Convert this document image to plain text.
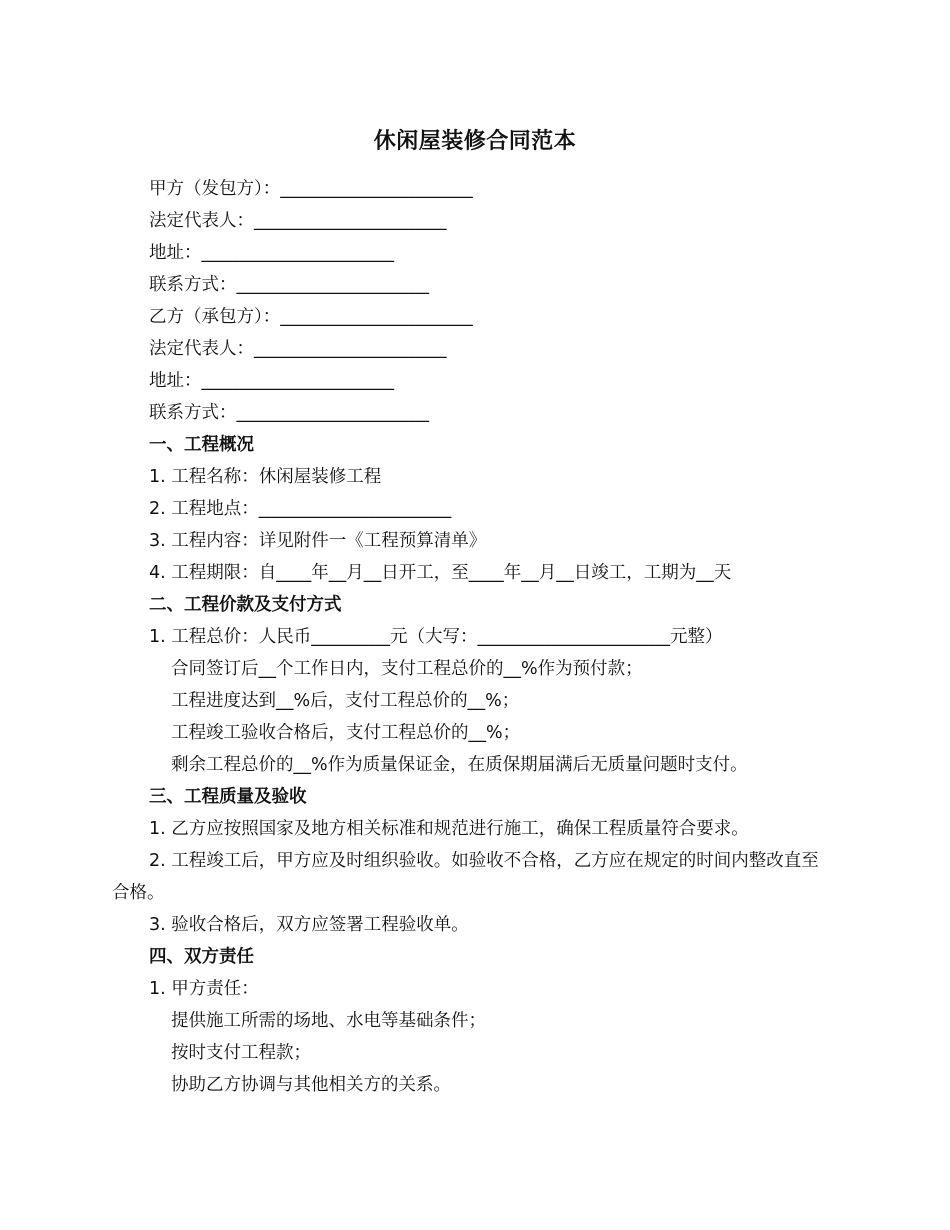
休闲屋装修合同范本
甲方（发包方）：______________________
法定代表人：______________________
地址：______________________
联系方式：______________________
乙方（承包方）：______________________
法定代表人：______________________
地址：______________________
联系方式：______________________
一、工程概况
1. 工程名称：休闲屋装修工程
2. 工程地点：______________________
3. 工程内容：详见附件一《工程预算清单》
4. 工程期限：自____年__月__日开工，至____年__月__日竣工，工期为__天
二、工程价款及支付方式
1. 工程总价：人民币_________元（大写：______________________元整）
合同签订后__个工作日内，支付工程总价的__%作为预付款；
工程进度达到__%后，支付工程总价的__%；
工程竣工验收合格后，支付工程总价的__%；
剩余工程总价的__%作为质量保证金，在质保期届满后无质量问题时支付。
三、工程质量及验收
1. 乙方应按照国家及地方相关标准和规范进行施工，确保工程质量符合要求。
2. 工程竣工后，甲方应及时组织验收。如验收不合格，乙方应在规定的时间内整改直至合格。
3. 验收合格后，双方应签署工程验收单。
四、双方责任
1. 甲方责任：
提供施工所需的场地、水电等基础条件；
按时支付工程款；
协助乙方协调与其他相关方的关系。
